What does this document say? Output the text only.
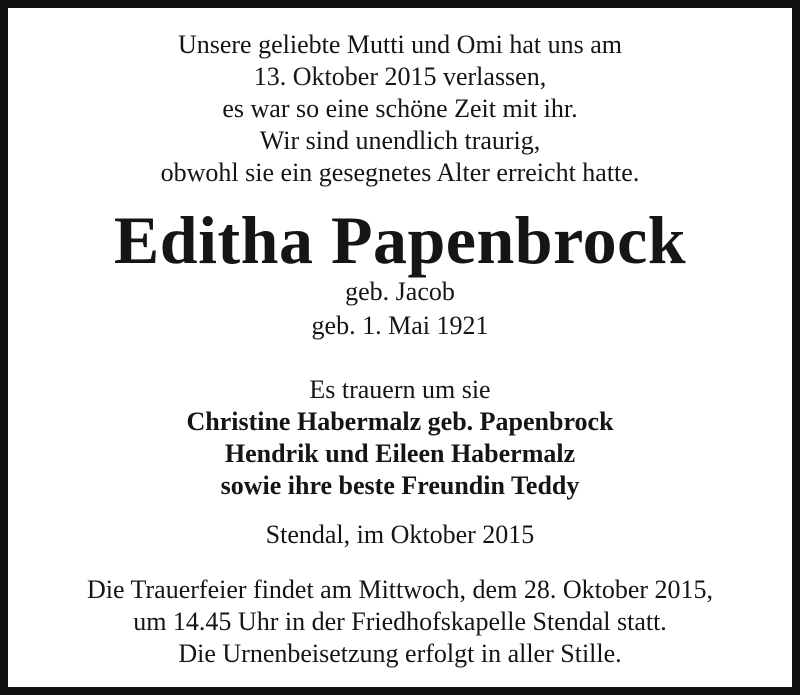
Unsere geliebte Mutti und Omi hat uns am
13. Oktober 2015 verlassen,
es war so eine schöne Zeit mit ihr.
Wir sind unendlich traurig,
obwohl sie ein gesegnetes Alter erreicht hatte.
Editha Papenbrock
geb. Jacob
geb. 1. Mai 1921
Es trauern um sie
Christine Habermalz geb. Papenbrock
Hendrik und Eileen Habermalz
sowie ihre beste Freundin Teddy
Stendal, im Oktober 2015
Die Trauerfeier findet am Mittwoch, dem 28. Oktober 2015,
um 14.45 Uhr in der Friedhofskapelle Stendal statt.
Die Urnenbeisetzung erfolgt in aller Stille.
